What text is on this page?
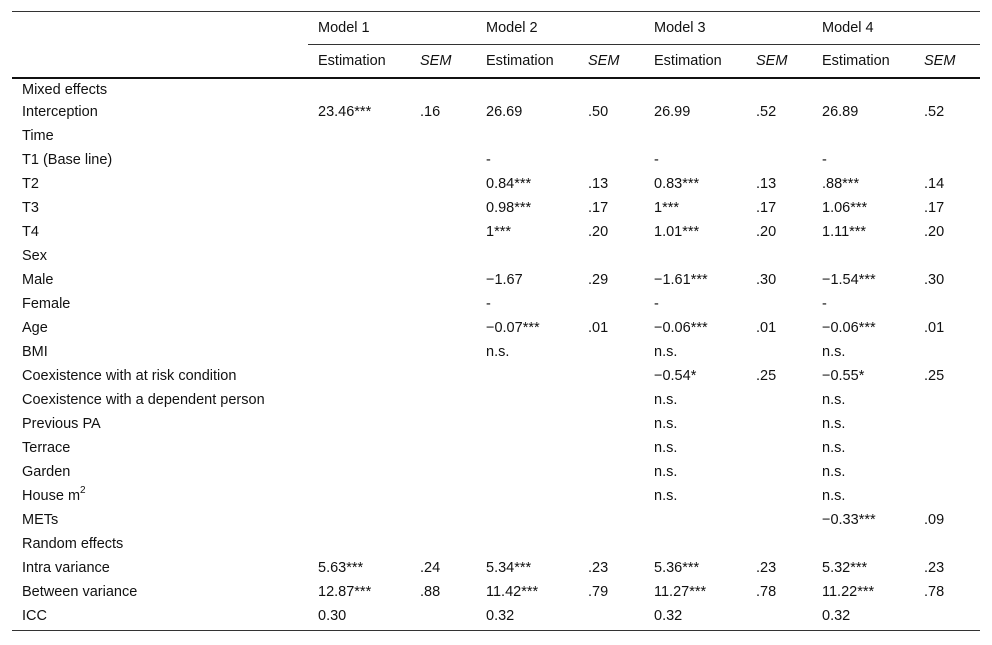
	Model 1		Model 2		Model 3		Model 4	
	Estimation	SEM	Estimation	SEM	Estimation	SEM	Estimation	SEM
Mixed effects								
Interception	23.46***	.16	26.69	.50	26.99	.52	26.89	.52
Time								
T1 (Base line)			-		-		-	
T2			0.84***	.13	0.83***	.13	.88***	.14
T3			0.98***	.17	1***	.17	1.06***	.17
T4			1***	.20	1.01***	.20	1.11***	.20
Sex								
Male			−1.67	.29	−1.61***	.30	−1.54***	.30
Female			-		-		-	
Age			−0.07***	.01	−0.06***	.01	−0.06***	.01
BMI			n.s.		n.s.		n.s.	
Coexistence with at risk condition					−0.54*	.25	−0.55*	.25
Coexistence with a dependent person					n.s.		n.s.	
Previous PA					n.s.		n.s.	
Terrace					n.s.		n.s.	
Garden					n.s.		n.s.	
House $m^2$					n.s.		n.s.	
METs							−0.33***	.09
Random effects								
Intra variance	5.63***	.24	5.34***	.23	5.36***	.23	5.32***	.23
Between variance	12.87***	.88	11.42***	.79	11.27***	.78	11.22***	.78
ICC	0.30		0.32		0.32		0.32	
